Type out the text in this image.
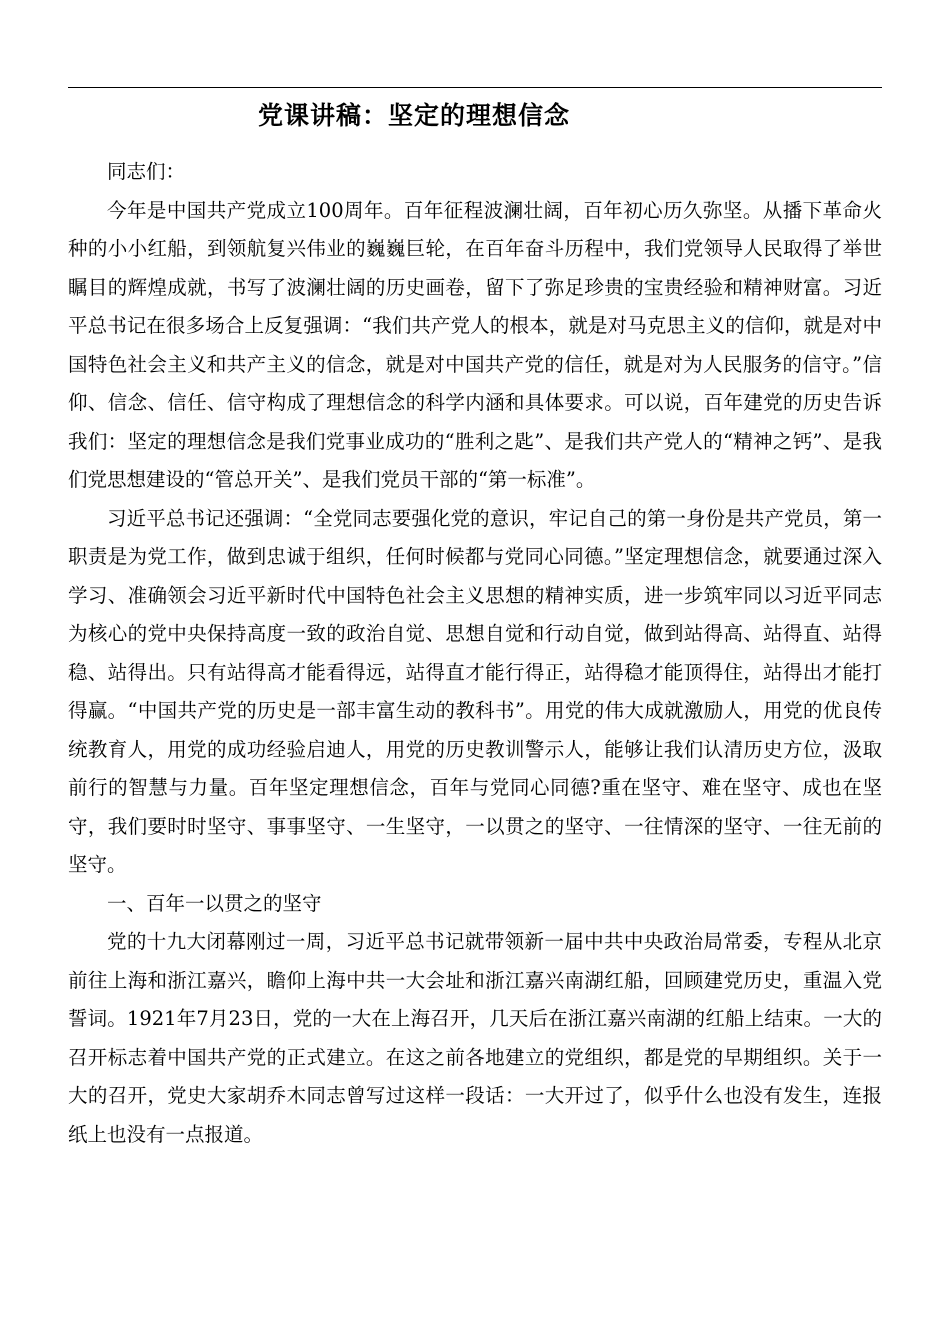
党课讲稿：坚定的理想信念

同志们：

今年是中国共产党成立100周年。百年征程波澜壮阔，百年初心历久弥坚。从播下革命火种的小小红船，到领航复兴伟业的巍巍巨轮，在百年奋斗历程中，我们党领导人民取得了举世瞩目的辉煌成就，书写了波澜壮阔的历史画卷，留下了弥足珍贵的宝贵经验和精神财富。习近平总书记在很多场合上反复强调：“我们共产党人的根本，就是对马克思主义的信仰，就是对中国特色社会主义和共产主义的信念，就是对中国共产党的信任，就是对为人民服务的信守。”信仰、信念、信任、信守构成了理想信念的科学内涵和具体要求。可以说，百年建党的历史告诉我们：坚定的理想信念是我们党事业成功的“胜利之匙”、是我们共产党人的“精神之钙”、是我们党思想建设的“管总开关”、是我们党员干部的“第一标准”。

习近平总书记还强调：“全党同志要强化党的意识，牢记自己的第一身份是共产党员，第一职责是为党工作，做到忠诚于组织，任何时候都与党同心同德。”坚定理想信念，就要通过深入学习、准确领会习近平新时代中国特色社会主义思想的精神实质，进一步筑牢同以习近平同志为核心的党中央保持高度一致的政治自觉、思想自觉和行动自觉，做到站得高、站得直、站得稳、站得出。只有站得高才能看得远，站得直才能行得正，站得稳才能顶得住，站得出才能打得赢。“中国共产党的历史是一部丰富生动的教科书”。用党的伟大成就激励人，用党的优良传统教育人，用党的成功经验启迪人，用党的历史教训警示人，能够让我们认清历史方位，汲取前行的智慧与力量。百年坚定理想信念，百年与党同心同德?重在坚守、难在坚守、成也在坚守，我们要时时坚守、事事坚守、一生坚守，一以贯之的坚守、一往情深的坚守、一往无前的坚守。

一、百年一以贯之的坚守

党的十九大闭幕刚过一周，习近平总书记就带领新一届中共中央政治局常委，专程从北京前往上海和浙江嘉兴，瞻仰上海中共一大会址和浙江嘉兴南湖红船，回顾建党历史，重温入党誓词。1921年7月23日，党的一大在上海召开，几天后在浙江嘉兴南湖的红船上结束。一大的召开标志着中国共产党的正式建立。在这之前各地建立的党组织，都是党的早期组织。关于一大的召开，党史大家胡乔木同志曾写过这样一段话：一大开过了，似乎什么也没有发生，连报纸上也没有一点报道。
